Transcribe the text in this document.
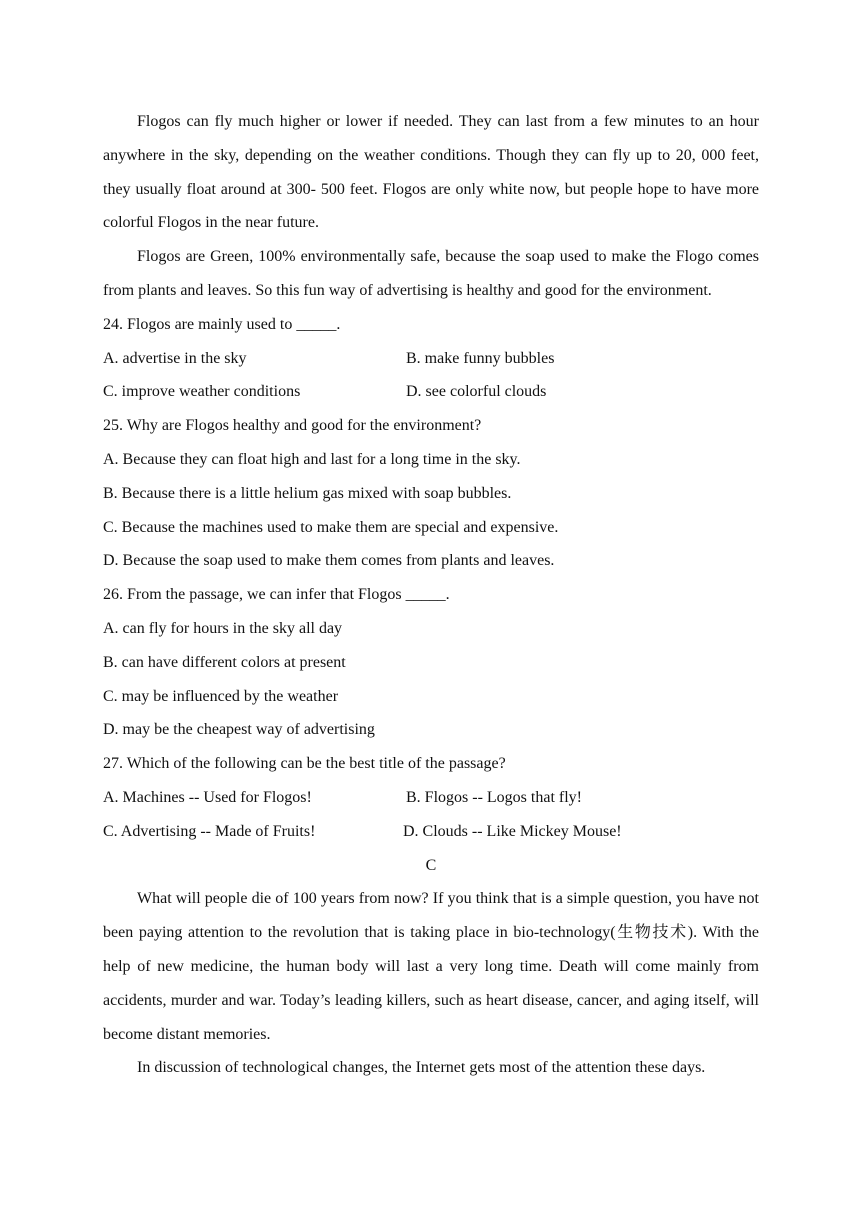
Flogos can fly much higher or lower if needed. They can last from a few minutes to an hour anywhere in the sky, depending on the weather conditions. Though they can fly up to 20, 000 feet, they usually float around at 300- 500 feet. Flogos are only white now, but people hope to have more colorful Flogos in the near future.

Flogos are Green, 100% environmentally safe, because the soap used to make the Flogo comes from plants and leaves. So this fun way of advertising is healthy and good for the environment.

24. Flogos are mainly used to _____.

A. advertise in the sky	B. make funny bubbles
C. improve weather conditions	D. see colorful clouds

25. Why are Flogos healthy and good for the environment?

A. Because they can float high and last for a long time in the sky.

B. Because there is a little helium gas mixed with soap bubbles.

C. Because the machines used to make them are special and expensive.

D. Because the soap used to make them comes from plants and leaves.

26. From the passage, we can infer that Flogos _____.

A. can fly for hours in the sky all day

B. can have different colors at present

C. may be influenced by the weather

D. may be the cheapest way of advertising

27. Which of the following can be the best title of the passage?

A. Machines -- Used for Flogos!	B. Flogos -- Logos that fly!
C. Advertising -- Made of Fruits!	D. Clouds -- Like Mickey Mouse!

C

What will people die of 100 years from now? If you think that is a simple question, you have not been paying attention to the revolution that is taking place in bio-technology(生物技术). With the help of new medicine, the human body will last a very long time. Death will come mainly from accidents, murder and war. Today’s leading killers, such as heart disease, cancer, and aging itself, will become distant memories.

In discussion of technological changes, the Internet gets most of the attention these days.
